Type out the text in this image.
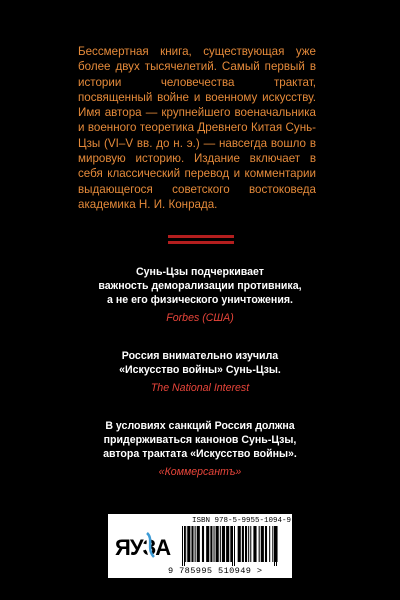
Бессмертная книга, существующая уже более двух тысячелетий. Самый первый в истории человечества трактат, посвященный войне и военному искусству. Имя автора — крупнейшего военачальника и военного теоретика Древнего Китая Сунь-Цзы (VI–V вв. до н. э.) — навсегда вошло в мировую историю. Издание включает в себя классический перевод и комментарии выдающегося советского востоковеда академика Н. И. Конрада.
Сунь-Цзы подчеркивает
важность деморализации противника,
а не его физического уничтожения.
Forbes (США)
Россия внимательно изучила
«Искусство войны» Сунь-Цзы.
The National Interest
В условиях санкций Россия должна
придерживаться канонов Сунь-Цзы,
автора трактата «Искусство войны».
«Коммерсантъ»
ЯУЗА
ISBN 978-5-9955-1094-9
9 785995 510949 >
